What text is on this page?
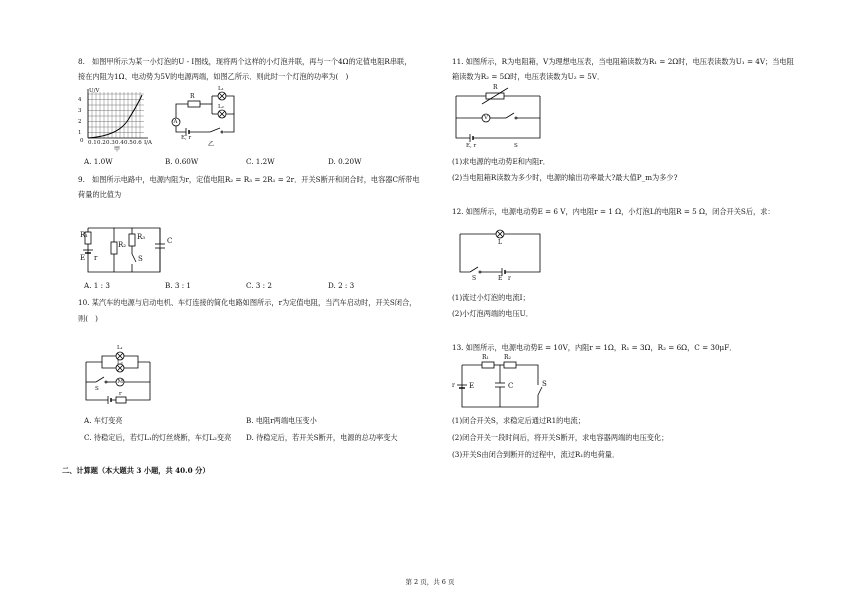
8.　如图甲所示为某一小灯泡的U - I图线，现将两个这样的小灯泡并联，再与一个4Ω的定值电阻R串联，
接在内阻为1Ω、电动势为5V的电源两端，如图乙所示．则此时一个灯泡的功率为(　)
U/V
4
3
2
1
0 0.1 0.2 0.3 0.4 0.5 0.6 I/A
甲
R
L₁
L₂
A
E, r
乙
A. 1.0W	B. 0.60W	C. 1.2W	D. 0.20W
9.　如图所示电路中，电源内阻为r，定值电阻R₂ = R₃ = 2R₁ = 2r．开关S断开和闭合时，电容器C所带电
荷量的比值为
R₁
R₂
R₃	C
E r	S
A. 1 : 3	B. 3 : 1	C. 3 : 2	D. 2 : 3
10. 某汽车的电源与启动电机、车灯连接的简化电路如图所示，r为定值电阻，当汽车启动时，开关S闭合，
则(　)
L₁
L₂
M
S
r
A. 车灯变亮	B. 电阻r两端电压变小
C. 待稳定后，若灯L₁的灯丝烧断，车灯L₂变亮 D. 待稳定后，若开关S断开，电源的总功率变大
二、计算题（本大题共 3 小题，共 40.0 分）
11. 如图所示，R为电阻箱，V为理想电压表，当电阻箱读数为R₁ = 2Ω时，电压表读数为U₁ = 4V；当电阻
箱读数为R₂ = 5Ω时，电压表读数为U₂ = 5V．
R
V
E, r	S
(1)求电源的电动势E和内阻r．
(2)当电阻箱R读数为多少时，电源的输出功率最大?最大值P_m为多少?
12. 如图所示，电源电动势E = 6 V，内电阻r = 1 Ω，小灯泡L的电阻R = 5 Ω，闭合开关S后，求：
L
S	E r
(1)流过小灯泡的电流I；
(2)小灯泡两端的电压U．
13. 如图所示，电源电动势E = 10V，内阻r = 1Ω，R₁ = 3Ω，R₂ = 6Ω，C = 30μF．
R₁	R₂
r E	C	S
(1)闭合开关S，求稳定后通过R1的电流；
(2)闭合开关一段时间后，将开关S断开，求电容器两端的电压变化；
(3)开关S由闭合到断开的过程中，流过R₁的电荷量．
第 2 页，共 6 页
